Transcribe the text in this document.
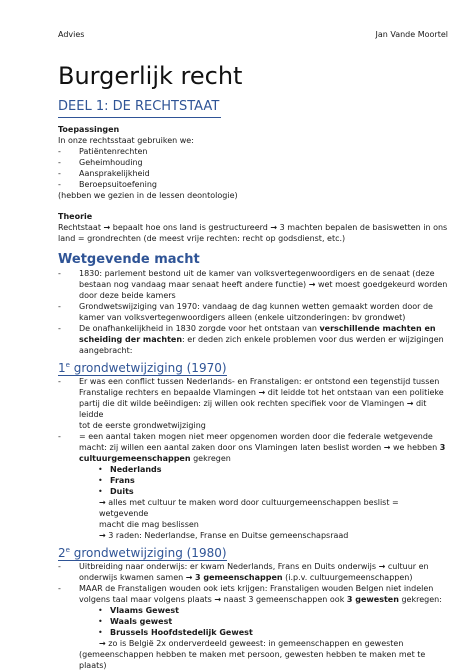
Advies	Jan Vande Moortel
Burgerlijk recht
DEEL 1: DE RECHTSTAAT
Toepassingen
In onze rechtsstaat gebruiken we:
- Patiëntenrechten
- Geheimhouding
- Aansprakelijkheid
- Beroepsuitoefening
(hebben we gezien in de lessen deontologie)
Theorie
Rechtstaat → bepaalt hoe ons land is gestructureerd → 3 machten bepalen de basiswetten in ons
land = grondrechten (de meest vrije rechten: recht op godsdienst, etc.)
Wetgevende macht
- 1830: parlement bestond uit de kamer van volksvertegenwoordigers en de senaat (deze
bestaan nog vandaag maar senaat heeft andere functie) → wet moest goedgekeurd worden
door deze beide kamers
- Grondwetswijziging van 1970: vandaag de dag kunnen wetten gemaakt worden door de
kamer van volksvertegenwoordigers alleen (enkele uitzonderingen: bv grondwet)
- De onafhankelijkheid in 1830 zorgde voor het ontstaan van verschillende machten en
scheiding der machten: er deden zich enkele problemen voor dus werden er wijzigingen
aangebracht:
1e grondwetwijziging (1970)
- Er was een conflict tussen Nederlands- en Franstaligen: er ontstond een tegenstijd tussen
Franstalige rechters en bepaalde Vlamingen → dit leidde tot het ontstaan van een politieke
partij die dit wilde beëindigen: zij willen ook rechten specifiek voor de Vlamingen → dit leidde
tot de eerste grondwetwijziging
- = een aantal taken mogen niet meer opgenomen worden door die federale wetgevende
macht: zij willen een aantal zaken door ons Vlamingen laten beslist worden → we hebben 3
cultuurgemeenschappen gekregen
• Nederlands
• Frans
• Duits
→ alles met cultuur te maken word door cultuurgemeenschappen beslist = wetgevende
macht die mag beslissen
→ 3 raden: Nederlandse, Franse en Duitse gemeenschapsraad
2e grondwetwijziging (1980)
- Uitbreiding naar onderwijs: er kwam Nederlands, Frans en Duits onderwijs → cultuur en
onderwijs kwamen samen → 3 gemeenschappen (i.p.v. cultuurgemeenschappen)
- MAAR de Franstaligen wouden ook iets krijgen: Franstaligen wouden Belgen niet indelen
volgens taal maar volgens plaats → naast 3 gemeenschappen ook 3 gewesten gekregen:
• Vlaams Gewest
• Waals gewest
• Brussels Hoofdstedelijk Gewest
→ zo is België 2x onderverdeeld geweest: in gemeenschappen en gewesten
(gemeenschappen hebben te maken met persoon, gewesten hebben te maken met te plaats)
